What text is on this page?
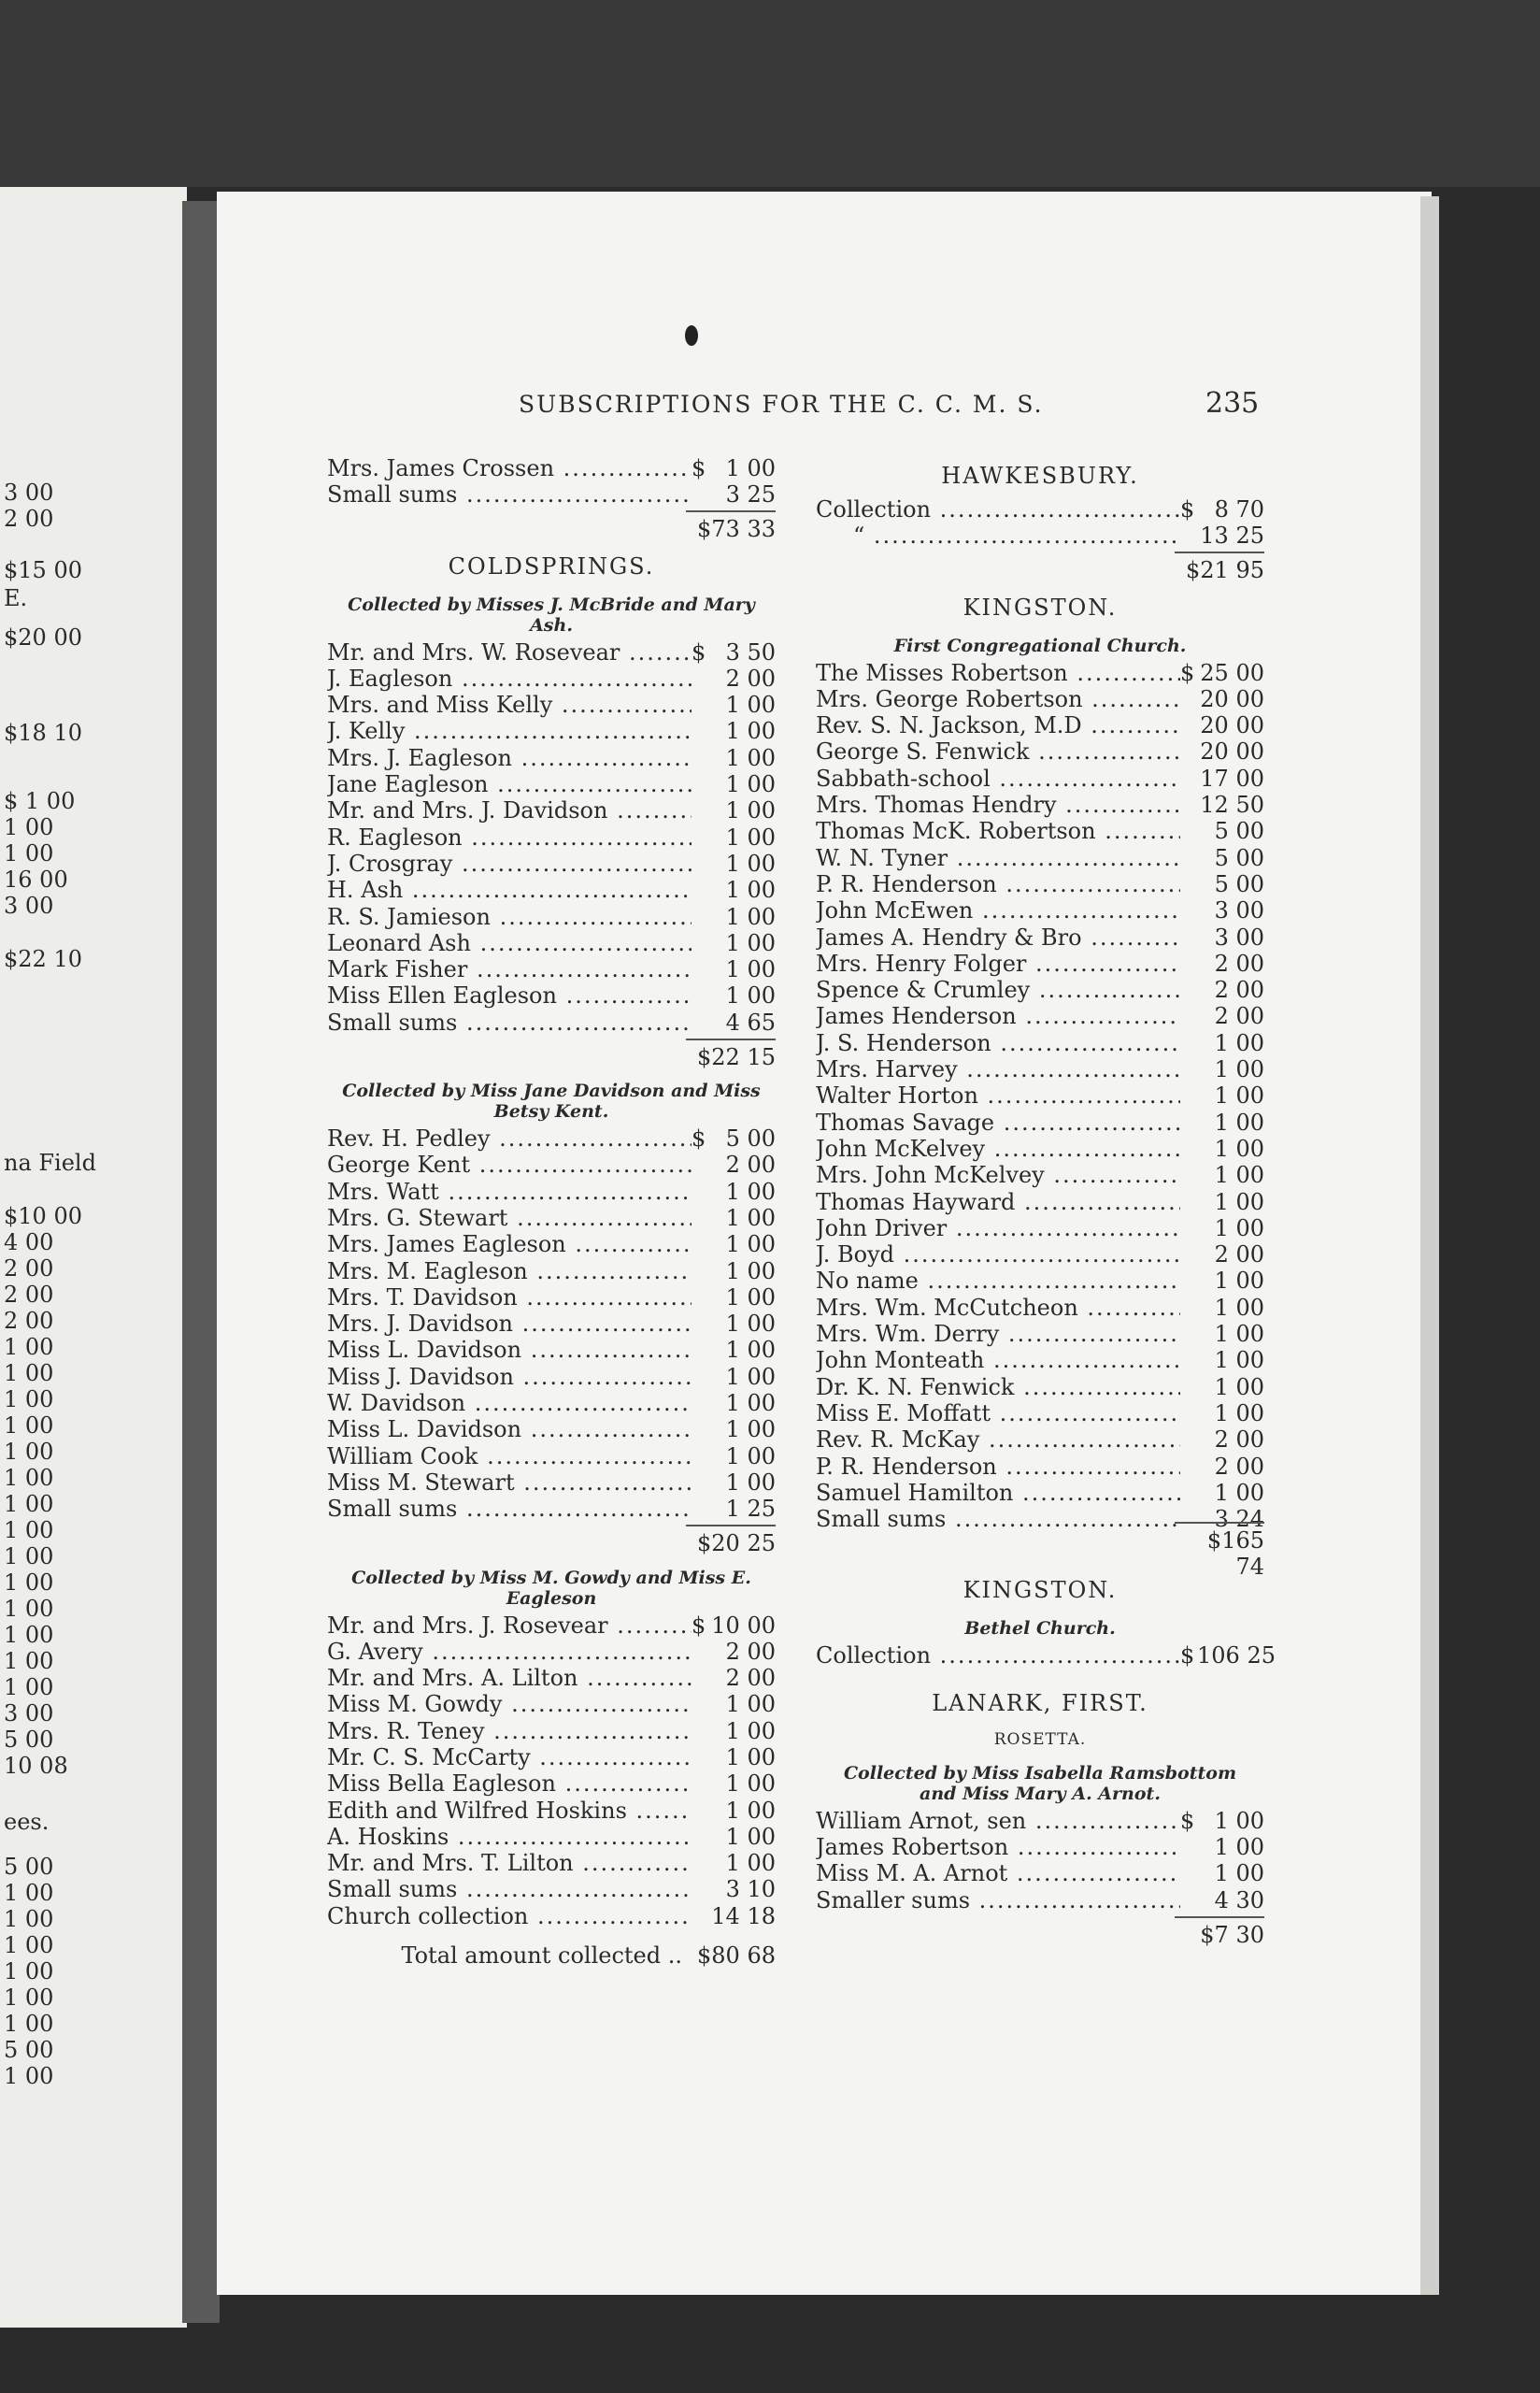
3 00
2 00
$15 00
E.
$20 00
$18 10
$ 1 00
1 00
1 00
16 00
3 00
$22 10
na Field
$10 00
4 00
2 00
2 00
2 00
1 00
1 00
1 00
1 00
1 00
1 00
1 00
1 00
1 00
1 00
1 00
1 00
1 00
1 00
3 00
5 00
10 08
ees.
5 00
1 00
1 00
1 00
1 00
1 00
1 00
5 00
1 00
SUBSCRIPTIONS FOR THE C. C. M. S.	235
Mrs. James Crossen .....	$ 1 00
Small sums .....	3 25
$73 33
COLDSPRINGS.
Collected by Misses J. McBride and Mary Ash.
Mr. and Mrs. W. Rosevear .....	$ 3 50
J. Eagleson .....	2 00
Mrs. and Miss Kelly .....	1 00
J. Kelly .....	1 00
Mrs. J. Eagleson .....	1 00
Jane Eagleson .....	1 00
Mr. and Mrs. J. Davidson .....	1 00
R. Eagleson .....	1 00
J. Crosgray .....	1 00
H. Ash .....	1 00
R. S. Jamieson .....	1 00
Leonard Ash .....	1 00
Mark Fisher .....	1 00
Miss Ellen Eagleson .....	1 00
Small sums .....	4 65
$22 15
Collected by Miss Jane Davidson and Miss Betsy Kent.
Rev. H. Pedley .....	$ 5 00
George Kent .....	2 00
Mrs. Watt .....	1 00
Mrs. G. Stewart .....	1 00
Mrs. James Eagleson .....	1 00
Mrs. M. Eagleson .....	1 00
Mrs. T. Davidson .....	1 00
Mrs. J. Davidson .....	1 00
Miss L. Davidson .....	1 00
Miss J. Davidson .....	1 00
W. Davidson .....	1 00
Miss L. Davidson .....	1 00
William Cook .....	1 00
Miss M. Stewart .....	1 00
Small sums .....	1 25
$20 25
Collected by Miss M. Gowdy and Miss E. Eagleson
Mr. and Mrs. J. Rosevear .....	$ 10 00
G. Avery .....	2 00
Mr. and Mrs. A. Lilton .....	2 00
Miss M. Gowdy .....	1 00
Mrs. R. Teney .....	1 00
Mr. C. S. McCarty .....	1 00
Miss Bella Eagleson .....	1 00
Edith and Wilfred Hoskins .....	1 00
A. Hoskins .....	1 00
Mr. and Mrs. T. Lilton .....	1 00
Small sums .....	3 10
Church collection .....	14 18
Total amount collected .. $80 68
HAWKESBURY.
Collection .....	$ 8 70
“ .....	13 25
$21 95
KINGSTON.
First Congregational Church.
The Misses Robertson .....	$ 25 00
Mrs. George Robertson .....	20 00
Rev. S. N. Jackson, M.D .....	20 00
George S. Fenwick .....	20 00
Sabbath-school .....	17 00
Mrs. Thomas Hendry .....	12 50
Thomas McK. Robertson .....	5 00
W. N. Tyner .....	5 00
P. R. Henderson .....	5 00
John McEwen .....	3 00
James A. Hendry & Bro .....	3 00
Mrs. Henry Folger .....	2 00
Spence & Crumley .....	2 00
James Henderson .....	2 00
J. S. Henderson .....	1 00
Mrs. Harvey .....	1 00
Walter Horton .....	1 00
Thomas Savage .....	1 00
John McKelvey .....	1 00
Mrs. John McKelvey .....	1 00
Thomas Hayward .....	1 00
John Driver .....	1 00
J. Boyd .....	2 00
No name .....	1 00
Mrs. Wm. McCutcheon .....	1 00
Mrs. Wm. Derry .....	1 00
John Monteath .....	1 00
Dr. K. N. Fenwick .....	1 00
Miss E. Moffatt .....	1 00
Rev. R. McKay .....	2 00
P. R. Henderson .....	2 00
Samuel Hamilton .....	1 00
Small sums .....	3 24
$165 74
KINGSTON.
Bethel Church.
Collection .....	$ 106 25
LANARK, FIRST.
ROSETTA.
Collected by Miss Isabella Ramsbottom and Miss Mary A. Arnot.
William Arnot, sen .....	$ 1 00
James Robertson .....	1 00
Miss M. A. Arnot .....	1 00
Smaller sums .....	4 30
$7 30
